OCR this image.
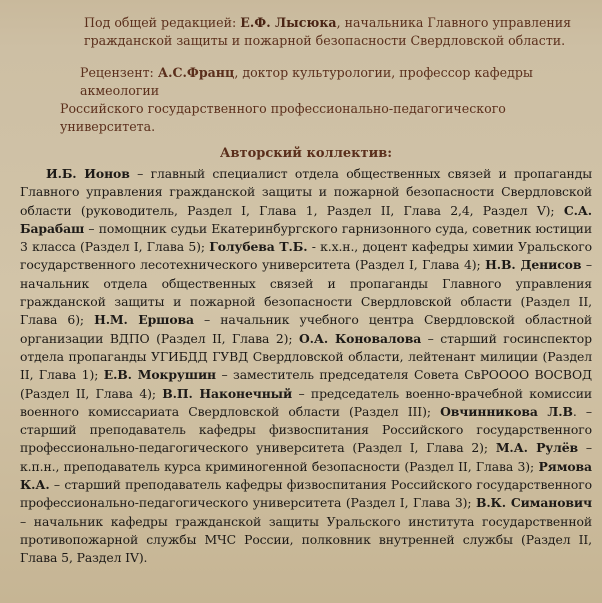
Под общей редакцией: Е.Ф. Лысюка, начальника Главного управления гражданской защиты и пожарной безопасности Свердловской области.

Рецензент: А.С.Франц, доктор культурологии, профессор кафедры акмеологии
Российского государственного профессионально-педагогического университета.
Авторский коллектив:

И.Б. Ионов – главный специалист отдела общественных связей и пропаганды Главного управления гражданской защиты и пожарной безопасности Свердловской области (руководитель, Раздел I, Глава 1, Раздел II, Глава 2,4, Раздел V); С.А. Барабаш – помощник судьи Екатеринбургского гарнизонного суда, советник юстиции 3 класса (Раздел I, Глава 5); Голубева Т.Б. - к.х.н., доцент кафедры химии Уральского государственного лесотехнического университета (Раздел I, Глава 4); Н.В. Денисов – начальник отдела общественных связей и пропаганды Главного управления гражданской защиты и пожарной безопасности Свердловской области (Раздел II, Глава 6); Н.М. Ершова – начальник учебного центра Свердловской областной организации ВДПО (Раздел II, Глава 2); О.А. Коновалова – старший госинспектор отдела пропаганды УГИБДД ГУВД Свердловской области, лейтенант милиции (Раздел II, Глава 1); Е.В. Мокрушин – заместитель председателя Совета СвРОООО ВОСВОД (Раздел II, Глава 4); В.П. Наконечный – председатель военно-врачебной комиссии военного комиссариата Свердловской области (Раздел III); Овчинникова Л.В. – старший преподаватель кафедры физвоспитания Российского государственного профессионально-педагогического университета (Раздел I, Глава 2); М.А. Рулёв – к.п.н., преподаватель курса криминогенной безопасности (Раздел II, Глава 3); Рямова К.А. – старший преподаватель кафедры физвоспитания Российского государственного профессионально-педагогического университета (Раздел I, Глава 3); В.К. Симанович – начальник кафедры гражданской защиты Уральского института государственной противопожарной службы МЧС России, полковник внутренней службы (Раздел II, Глава 5, Раздел IV).
